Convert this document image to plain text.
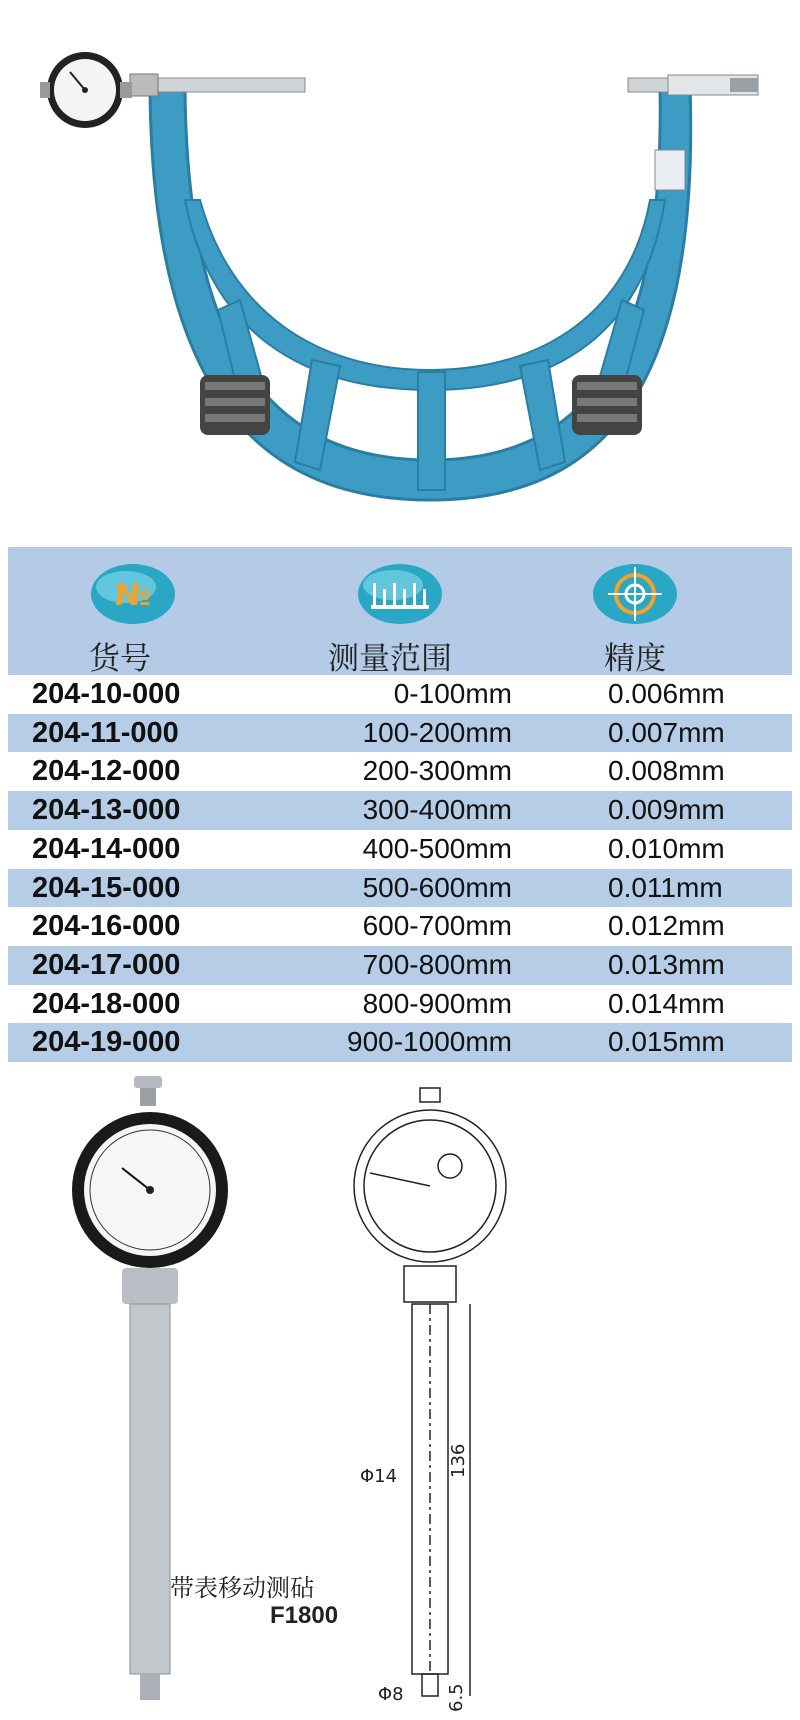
№
货号	测量范围	精度
204-10-000	0-100mm	0.006mm
204-11-000	100-200mm	0.007mm
204-12-000	200-300mm	0.008mm
204-13-000	300-400mm	0.009mm
204-14-000	400-500mm	0.010mm
204-15-000	500-600mm	0.011mm
204-16-000	600-700mm	0.012mm
204-17-000	700-800mm	0.013mm
204-18-000	800-900mm	0.014mm
204-19-000	900-1000mm	0.015mm
带表移动测砧
F1800
Φ14	136
Φ8 6.5
